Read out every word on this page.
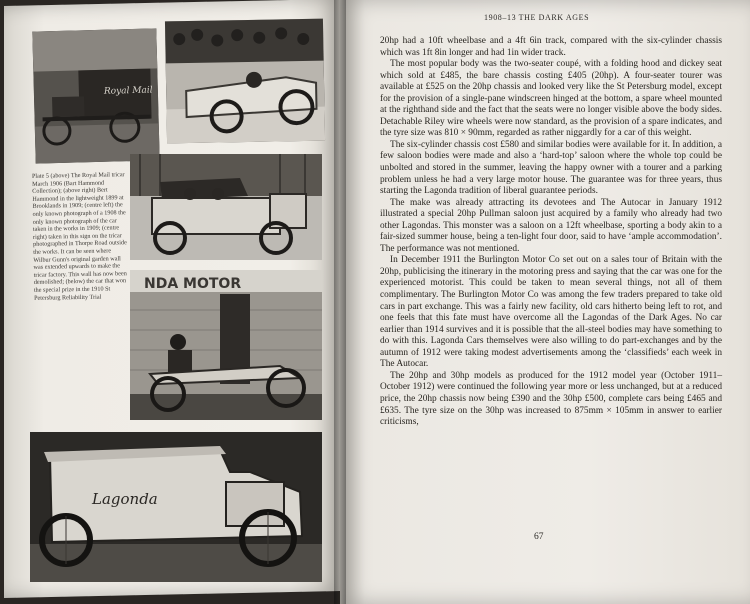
Royal Mail
NDA MOTOR
Lagonda
Plate 5 (above) The Royal Mail tricar March 1906 (Bart Hammond Collection); (above right) Bert Hammond in the lightweight 1899 at Brooklands in 1909; (centre left) the only known photograph of a 1908 the only known photograph of the car taken in the works in 1909; (centre right) taken in this sign on the tricar photographed in Thorpe Road outside the works. It can be seen where Wilbur Gunn's original garden wall was extended upwards to make the tricar factory. This wall has now been demolished; (below) the car that won the special prize in the 1910 St Petersburg Reliability Trial
1908–13 THE DARK AGES

20hp had a 10ft wheelbase and a 4ft 6in track, compared with the six-cylinder chassis which was 1ft 8in longer and had 1in wider track.

The most popular body was the two-seater coupé, with a folding hood and dickey seat which sold at £485, the bare chassis costing £405 (20hp). A four-seater tourer was available at £525 on the 20hp chassis and looked very like the St Petersburg model, except for the provision of a single-pane windscreen hinged at the bottom, a spare wheel mounted at the righthand side and the fact that the seats were no longer visible above the body sides. Detachable Riley wire wheels were now standard, as the provision of a spare indicates, and the tyre size was 810 × 90mm, regarded as rather niggardly for a car of this weight.

The six-cylinder chassis cost £580 and similar bodies were available for it. In addition, a few saloon bodies were made and also a ‘hard-top’ saloon where the whole top could be unbolted and stored in the summer, leaving the happy owner with a tourer and a parking problem unless he had a very large motor house. The guarantee was for three years, thus starting the Lagonda tradition of liberal guarantee periods.

The make was already attracting its devotees and The Autocar in January 1912 illustrated a special 20hp Pullman saloon just acquired by a family who already had two other Lagondas. This monster was a saloon on a 12ft wheelbase, sporting a body akin to a fair-sized summer house, being a ten-light four door, said to have ‘ample accommodation’. The performance was not mentioned.

In December 1911 the Burlington Motor Co set out on a sales tour of Britain with the 20hp, publicising the itinerary in the motoring press and saying that the car was one for the experienced motorist. This could be taken to mean several things, not all of them complimentary. The Burlington Motor Co was among the few traders prepared to take old cars in part exchange. This was a fairly new facility, old cars hitherto being left to rot, and one feels that this fate must have overcome all the Lagondas of the Dark Ages. No car earlier than 1914 survives and it is possible that the all-steel bodies may have something to do with this. Lagonda Cars themselves were also willing to do part-exchanges and by the autumn of 1912 were taking modest advertisements among the ‘classifieds’ each week in The Autocar.

The 20hp and 30hp models as produced for the 1912 model year (October 1911–October 1912) were continued the following year more or less unchanged, but at a reduced price, the 20hp chassis now being £390 and the 30hp £500, complete cars being £465 and £635. The tyre size on the 30hp was increased to 875mm × 105mm in answer to earlier criticisms,

67
